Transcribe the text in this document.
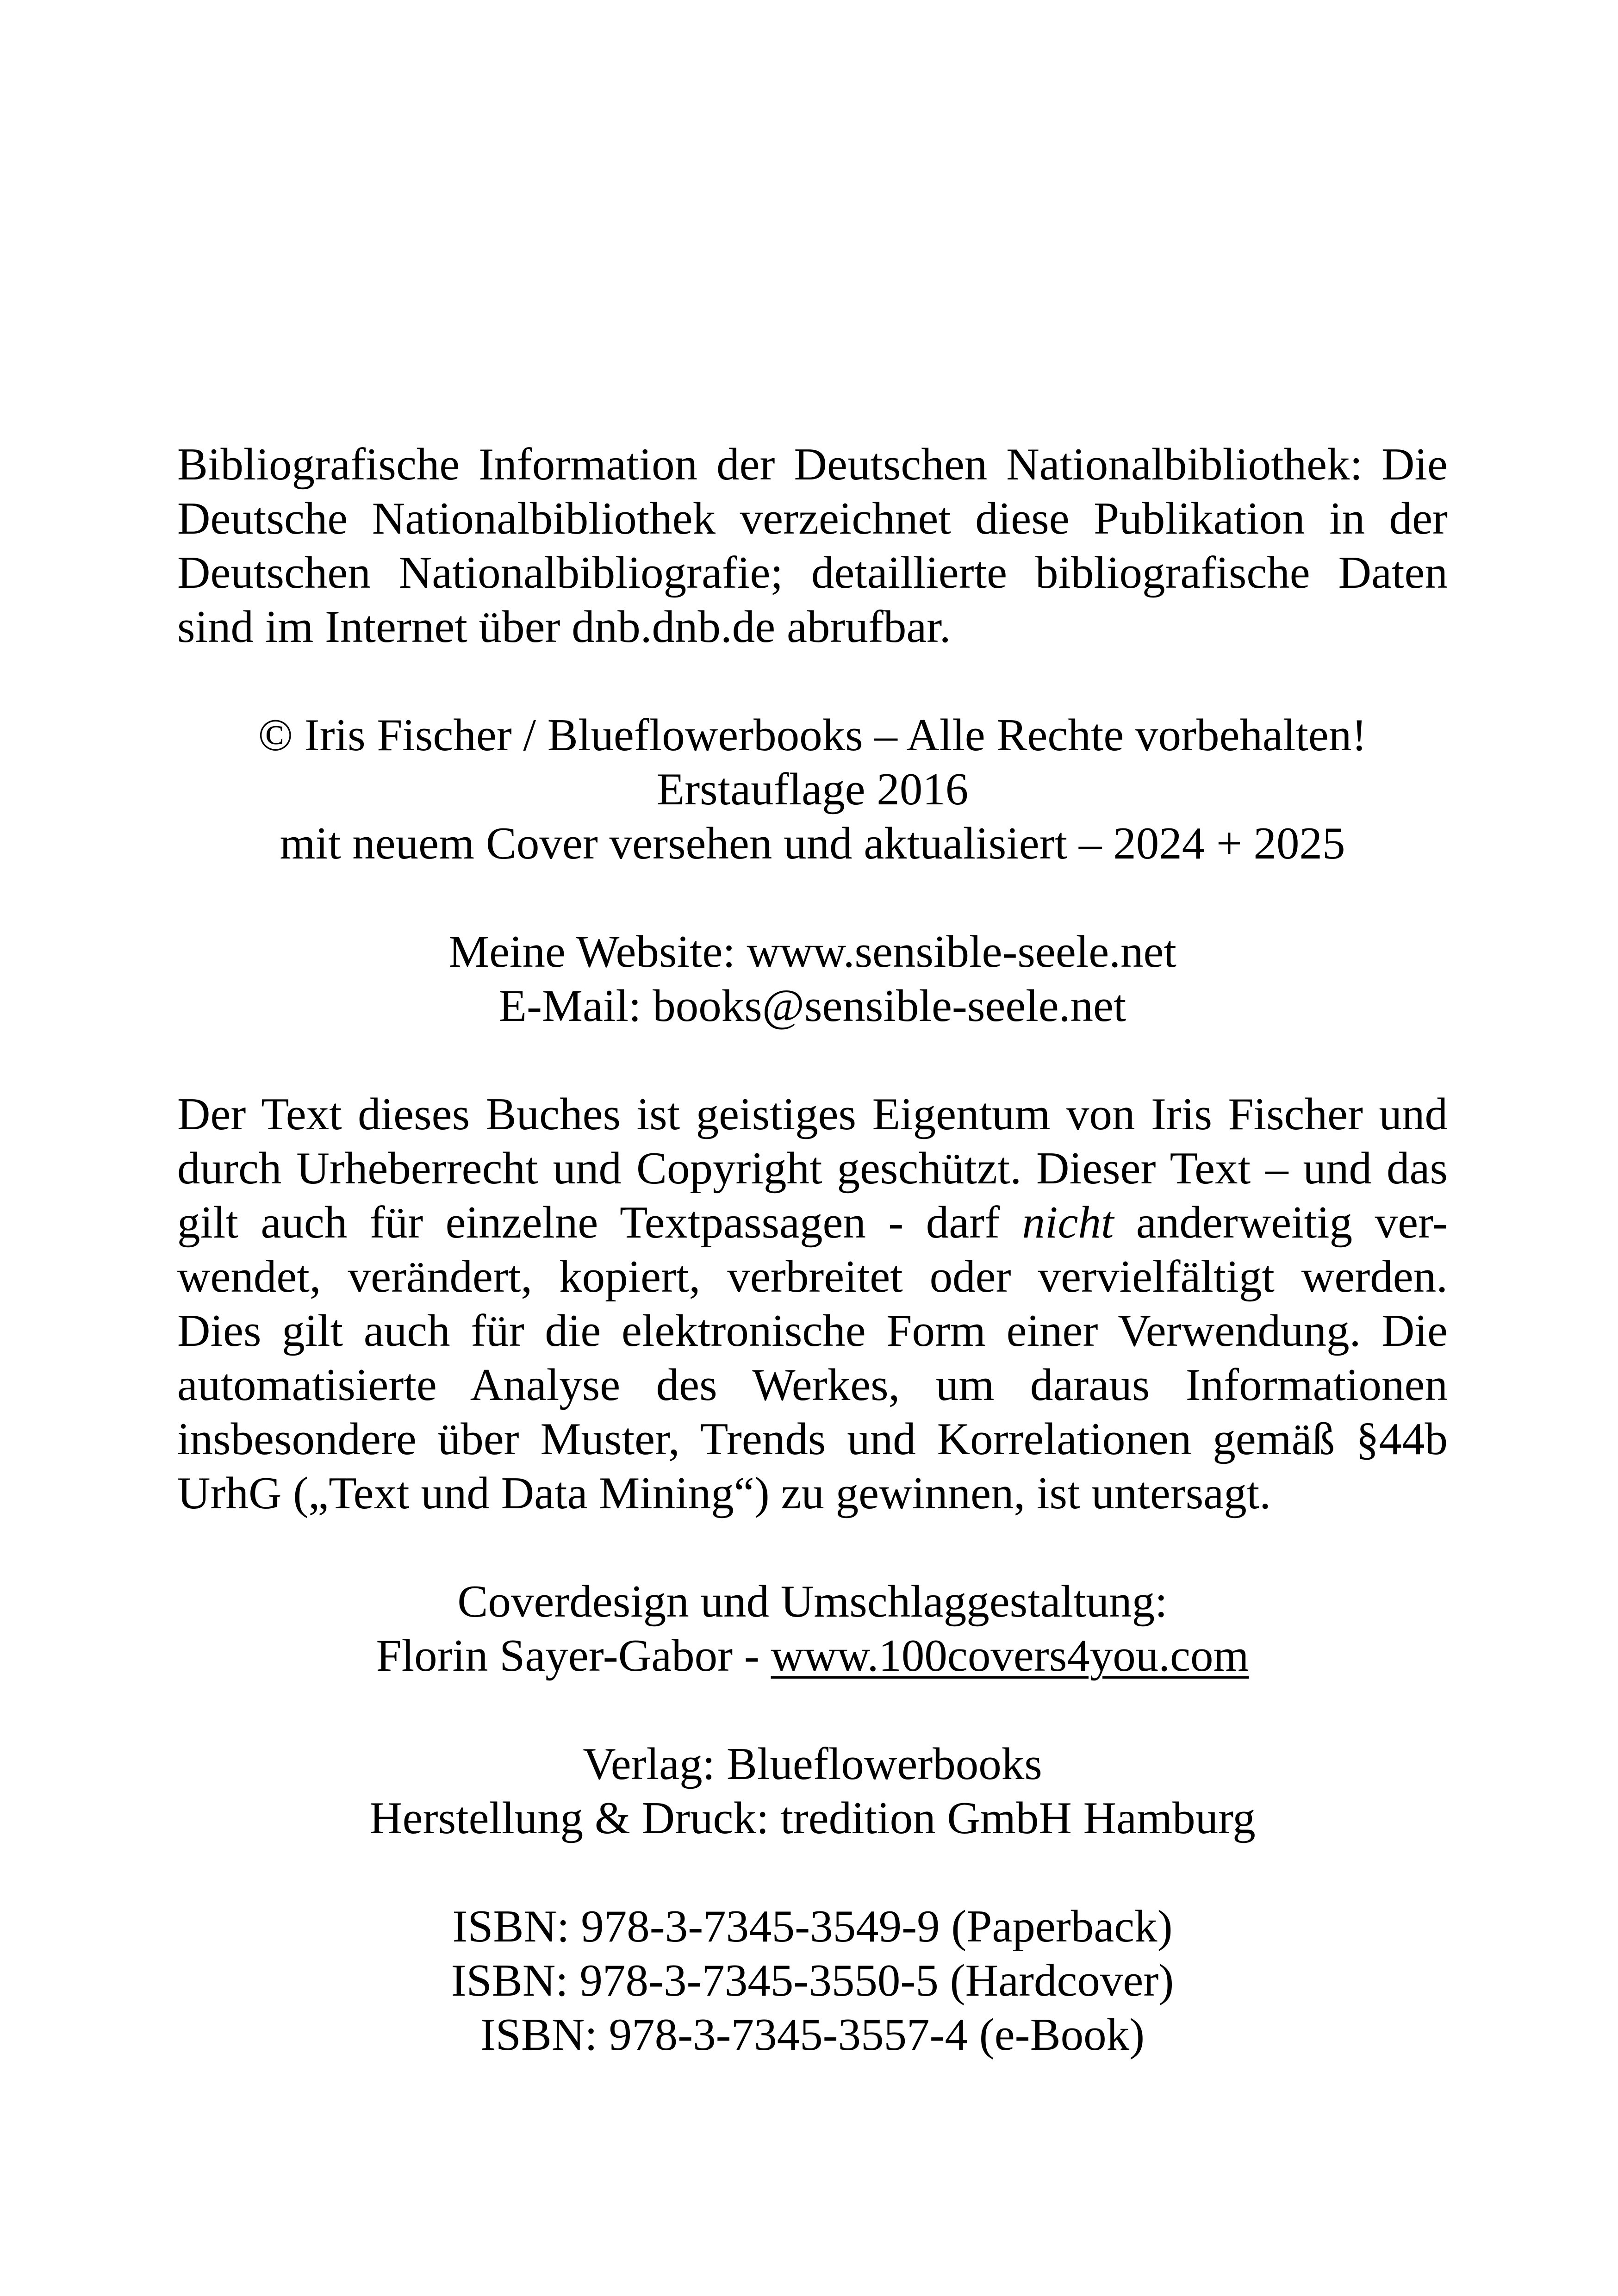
Bibliografische Information der Deutschen Nationalbibliothek: Die
Deutsche Nationalbibliothek verzeichnet diese Publikation in der
Deutschen Nationalbibliografie; detaillierte bibliografische Daten
sind im Internet über dnb.dnb.de abrufbar.

© Iris Fischer / Blueflowerbooks – Alle Rechte vorbehalten!
Erstauflage 2016
mit neuem Cover versehen und aktualisiert – 2024 + 2025

Meine Website: www.sensible-seele.net
E-Mail: books@sensible-seele.net

Der Text dieses Buches ist geistiges Eigentum von Iris Fischer und
durch Urheberrecht und Copyright geschützt. Dieser Text – und das
gilt auch für einzelne Textpassagen - darf nicht anderweitig ver-
wendet, verändert, kopiert, verbreitet oder vervielfältigt werden.
Dies gilt auch für die elektronische Form einer Verwendung. Die
automatisierte Analyse des Werkes, um daraus Informationen
insbesondere über Muster, Trends und Korrelationen gemäß §44b
UrhG („Text und Data Mining“) zu gewinnen, ist untersagt.

Coverdesign und Umschlaggestaltung:
Florin Sayer-Gabor - www.100covers4you.com

Verlag: Blueflowerbooks
Herstellung & Druck: tredition GmbH Hamburg

ISBN: 978-3-7345-3549-9 (Paperback)
ISBN: 978-3-7345-3550-5 (Hardcover)
ISBN: 978-3-7345-3557-4 (e-Book)
